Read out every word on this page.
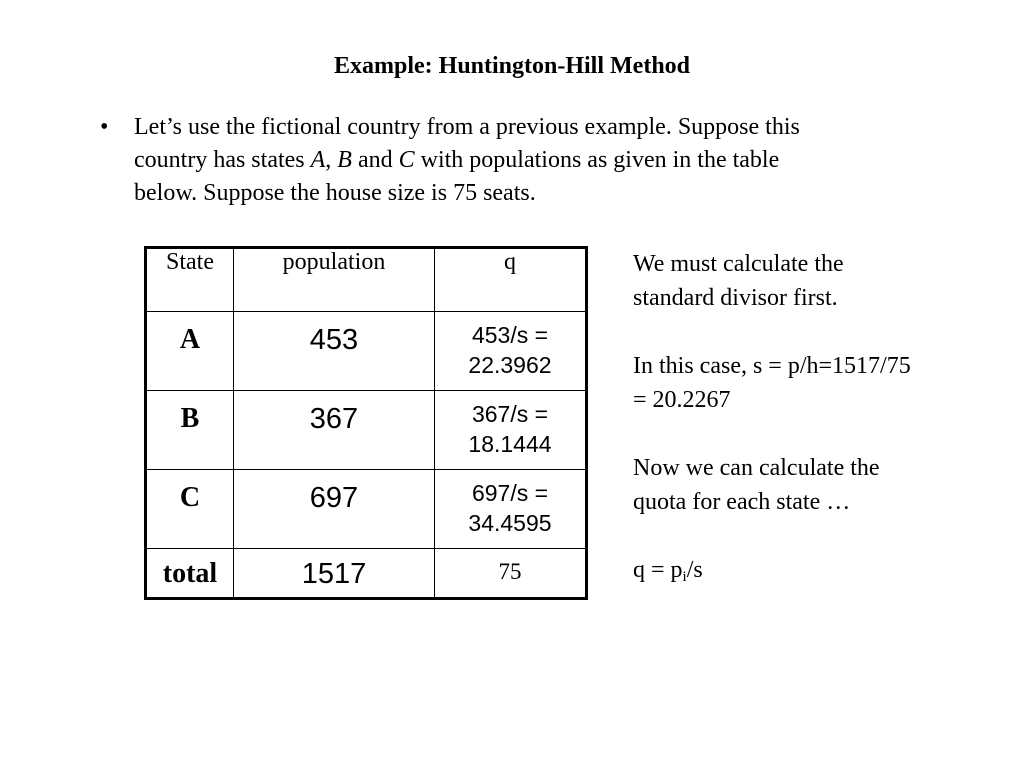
Example: Huntington-Hill Method
• Let’s use the fictional country from a previous example. Suppose this
country has states A, B and C with populations as given in the table
below. Suppose the house size is 75 seats.
State	population	q
A	453	453/s =
22.3962

B	367	367/s =
18.1444

C	697	697/s =
34.4595

total	1517	75

We must calculate the

standard divisor first.

In this case, s = p/h=1517/75

= 20.2267

Now we can calculate the

quota for each state …

$q = p_i/s$
